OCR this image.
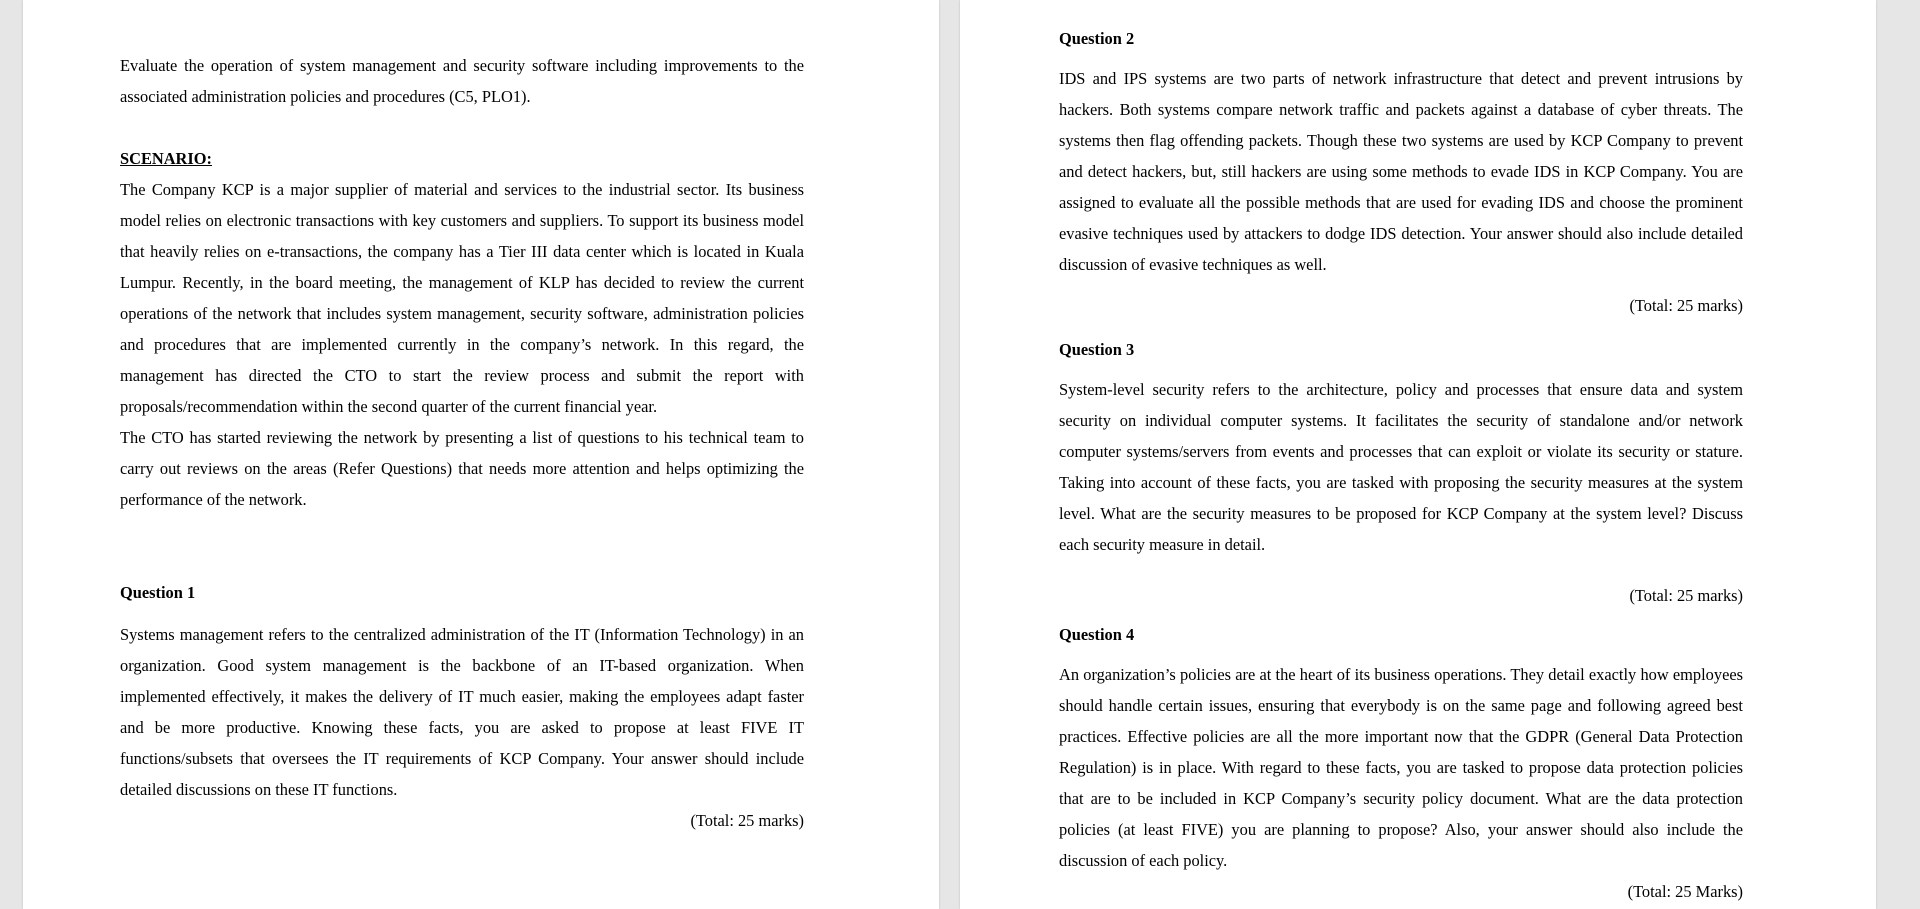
Evaluate the operation of system management and security software including improvements to the associated administration policies and procedures (C5, PLO1).

SCENARIO:

The Company KCP is a major supplier of material and services to the industrial sector. Its business model relies on electronic transactions with key customers and suppliers. To support its business model that heavily relies on e-transactions, the company has a Tier III data center which is located in Kuala Lumpur. Recently, in the board meeting, the management of KLP has decided to review the current operations of the network that includes system management, security software, administration policies and procedures that are implemented currently in the company’s network. In this regard, the management has directed the CTO to start the review process and submit the report with proposals/recommendation within the second quarter of the current financial year.

The CTO has started reviewing the network by presenting a list of questions to his technical team to carry out reviews on the areas (Refer Questions) that needs more attention and helps optimizing the performance of the network.

Question 1

Systems management refers to the centralized administration of the IT (Information Technology) in an organization. Good system management is the backbone of an IT-based organization. When implemented effectively, it makes the delivery of IT much easier, making the employees adapt faster and be more productive. Knowing these facts, you are asked to propose at least FIVE IT functions/subsets that oversees the IT requirements of KCP Company. Your answer should include detailed discussions on these IT functions.

(Total: 25 marks)
Question 2

IDS and IPS systems are two parts of network infrastructure that detect and prevent intrusions by hackers. Both systems compare network traffic and packets against a database of cyber threats. The systems then flag offending packets. Though these two systems are used by KCP Company to prevent and detect hackers, but, still hackers are using some methods to evade IDS in KCP Company. You are assigned to evaluate all the possible methods that are used for evading IDS and choose the prominent evasive techniques used by attackers to dodge IDS detection. Your answer should also include detailed discussion of evasive techniques as well.

(Total: 25 marks)
Question 3

System-level security refers to the architecture, policy and processes that ensure data and system security on individual computer systems. It facilitates the security of standalone and/or network computer systems/servers from events and processes that can exploit or violate its security or stature. Taking into account of these facts, you are tasked with proposing the security measures at the system level. What are the security measures to be proposed for KCP Company at the system level? Discuss each security measure in detail.

(Total: 25 marks)
Question 4

An organization’s policies are at the heart of its business operations. They detail exactly how employees should handle certain issues, ensuring that everybody is on the same page and following agreed best practices. Effective policies are all the more important now that the GDPR (General Data Protection Regulation) is in place. With regard to these facts, you are tasked to propose data protection policies that are to be included in KCP Company’s security policy document. What are the data protection policies (at least FIVE) you are planning to propose? Also, your answer should also include the discussion of each policy.

(Total: 25 Marks)
